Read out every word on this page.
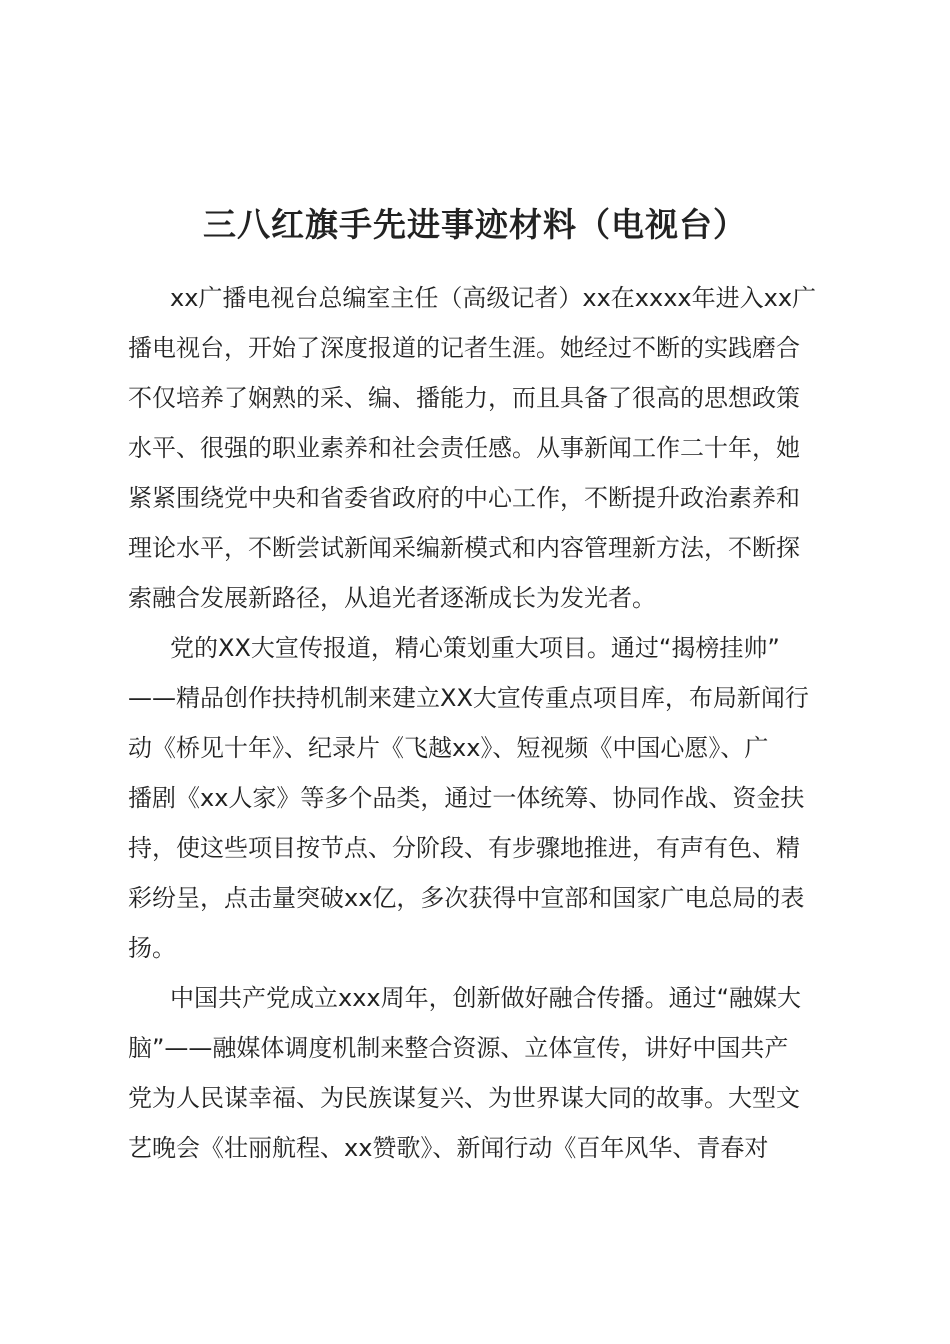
三八红旗手先进事迹材料（电视台）
xx广播电视台总编室主任（高级记者）xx在xxxx年进入xx广
播电视台，开始了深度报道的记者生涯。她经过不断的实践磨合
不仅培养了娴熟的采、编、播能力，而且具备了很高的思想政策
水平、很强的职业素养和社会责任感。从事新闻工作二十年，她
紧紧围绕党中央和省委省政府的中心工作，不断提升政治素养和
理论水平，不断尝试新闻采编新模式和内容管理新方法，不断探
索融合发展新路径，从追光者逐渐成长为发光者。
党的XX大宣传报道，精心策划重大项目。通过“揭榜挂帅”
——精品创作扶持机制来建立XX大宣传重点项目库，布局新闻行
动《桥见十年》、纪录片《飞越xx》、短视频《中国心愿》、广
播剧《xx人家》等多个品类，通过一体统筹、协同作战、资金扶
持，使这些项目按节点、分阶段、有步骤地推进，有声有色、精
彩纷呈，点击量突破xx亿，多次获得中宣部和国家广电总局的表
扬。
中国共产党成立xxx周年，创新做好融合传播。通过“融媒大
脑”——融媒体调度机制来整合资源、立体宣传，讲好中国共产
党为人民谋幸福、为民族谋复兴、为世界谋大同的故事。大型文
艺晚会《壮丽航程、xx赞歌》、新闻行动《百年风华、青春对
